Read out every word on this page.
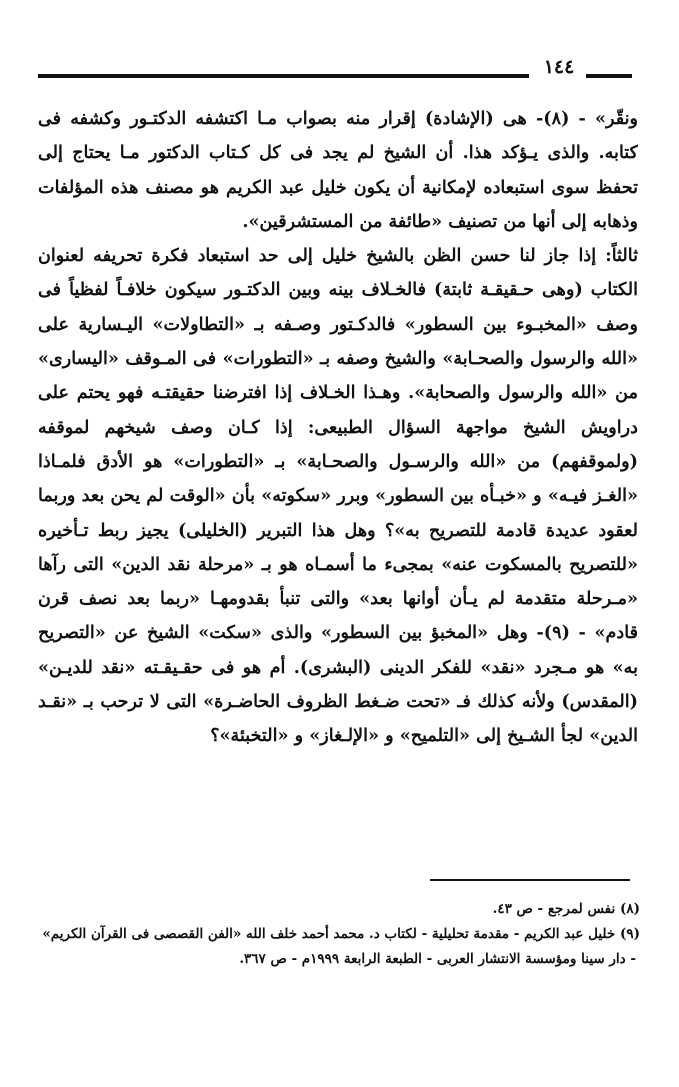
١٤٤

ونقّر» - (٨)- هى (الإشادة) إقرار منه بصواب مـا اكتشفه الدكتـور وكشفه فى كتابه. والذى يـؤكد هذا. أن الشيخ لم يجد فى كل كـتاب الدكتور مـا يحتاج إلى تحفظ سوى استبعاده لإمكانية أن يكون خليل عبد الكريم هو مصنف هذه المؤلفات وذهابه إلى أنها من تصنيف «طائفة من المستشرقين».

ثالثاً: إذا جاز لنا حسن الظن بالشيخ خليل إلى حد استبعاد فكرة تحريفه لعنوان الكتاب (وهى حـقيقـة ثابتة) فالخـلاف بينه وبين الدكتـور سيكون خلافـاً لفظياً فى وصف «المخبـوء بين السطور» فالدكـتور وصـفه بـ «التطاولات» اليـسارية على «الله والرسول والصحـابة» والشيخ وصفه بـ «التطورات» فى المـوقف «اليسارى» من «الله والرسول والصحابة». وهـذا الخـلاف إذا افترضنا حقيقتـه فهو يحتم على دراويش الشيخ مواجهة السؤال الطبيعى: إذا كـان وصف شيخهم لموقفه (ولموقفهم) من «الله والرسـول والصحـابة» بـ «التطورات» هو الأدق فلمـاذا «الغـز فيـه» و «خبـأه بين السطور» وبرر «سكوته» بأن «الوقت لم يحن بعد وربما لعقود عديدة قادمة للتصريح به»؟ وهل هذا التبرير (الخليلى) يجيز ربط تـأخيره «للتصريح بالمسكوت عنه» بمجىء ما أسمـاه هو بـ «مرحلة نقد الدين» التى رآها «مـرحلة متقدمة لم يـأن أوانها بعد» والتى تنبأ بقدومهـا «ربما بعد نصف قرن قادم» - (٩)- وهل «المخبؤ بين السطور» والذى «سكت» الشيخ عن «التصريح به» هو مـجرد «نقد» للفكر الدينى (البشرى). أم هو فى حقـيقـته «نقد للديـن» (المقدس) ولأنه كذلك فـ «تحت ضـغط الظروف الحاضـرة» التى لا ترحب بـ «نقـد الدين» لجأ الشـيخ إلى «التلميح» و «الإلـغاز» و «التخبئة»؟

(٨) نفس لمرجع - ص ٤٣.

(٩) خليل عبد الكريم - مقدمة تحليلية - لكتاب د. محمد أحمد خلف الله «الفن القصصى فى القرآن الكريم»

- دار سينا ومؤسسة الانتشار العربى - الطبعة الرابعة ١٩٩٩م - ص ٣٦٧.
